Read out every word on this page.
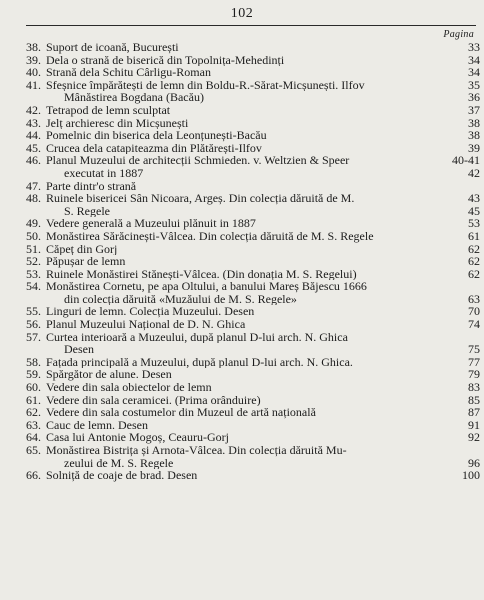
102
Pagina
38. Suport de icoană, București	33
39. Dela o strană de biserică din Topolnița-Mehedinți	34
40. Strană dela Schitu Cârligu-Roman	34
41. Sfeșnice împărătești de lemn din Boldu-R.-Sărat-Micșunești. Ilfov	35
Mânăstirea Bogdana (Bacău)	36
42. Tetrapod de lemn sculptat	37
43. Jelț archieresc din Micșunești	38
44. Pomelnic din biserica dela Leonțunești-Bacău	38
45. Crucea dela catapiteazma din Plătărești-Ilfov	39
46. Planul Muzeului de architecții Schmieden. v. Weltzien & Speer	40-41
executat in 1887	42
47. Parte dintr'o strană
48. Ruinele bisericei Sân Nicoara, Argeș. Din colecția dăruită de M.	43
S. Regele	45
49. Vedere generală a Muzeului plănuit in 1887	53
50. Monăstirea Sărăcinești-Vâlcea. Din colecția dăruită de M. S. Regele	61
51. Căpeț din Gorj	62
52. Păpușar de lemn	62
53. Ruinele Monăstirei Stănești-Vâlcea. (Din donația M. S. Regelui)	62
54. Monăstirea Cornetu, pe apa Oltului, a banului Mareș Băjescu 1666
din colecția dăruită «Muzăului de M. S. Regele»	63
55. Linguri de lemn. Colecția Muzeului. Desen	70
56. Planul Muzeului Național de D. N. Ghica	74
57. Curtea interioară a Muzeului, după planul D-lui arch. N. Ghica
Desen	75
58. Fațada principală a Muzeului, după planul D-lui arch. N. Ghica.	77
59. Spărgător de alune. Desen	79
60. Vedere din sala obiectelor de lemn	83
61. Vedere din sala ceramicei. (Prima orânduire)	85
62. Vedere din sala costumelor din Muzeul de artă națională	87
63. Cauc de lemn. Desen	91
64. Casa lui Antonie Mogoș, Ceauru-Gorj	92
65. Monăstirea Bistrița și Arnota-Vâlcea. Din colecția dăruită Mu-
zeului de M. S. Regele	96
66. Solniță de coaje de brad. Desen	100
